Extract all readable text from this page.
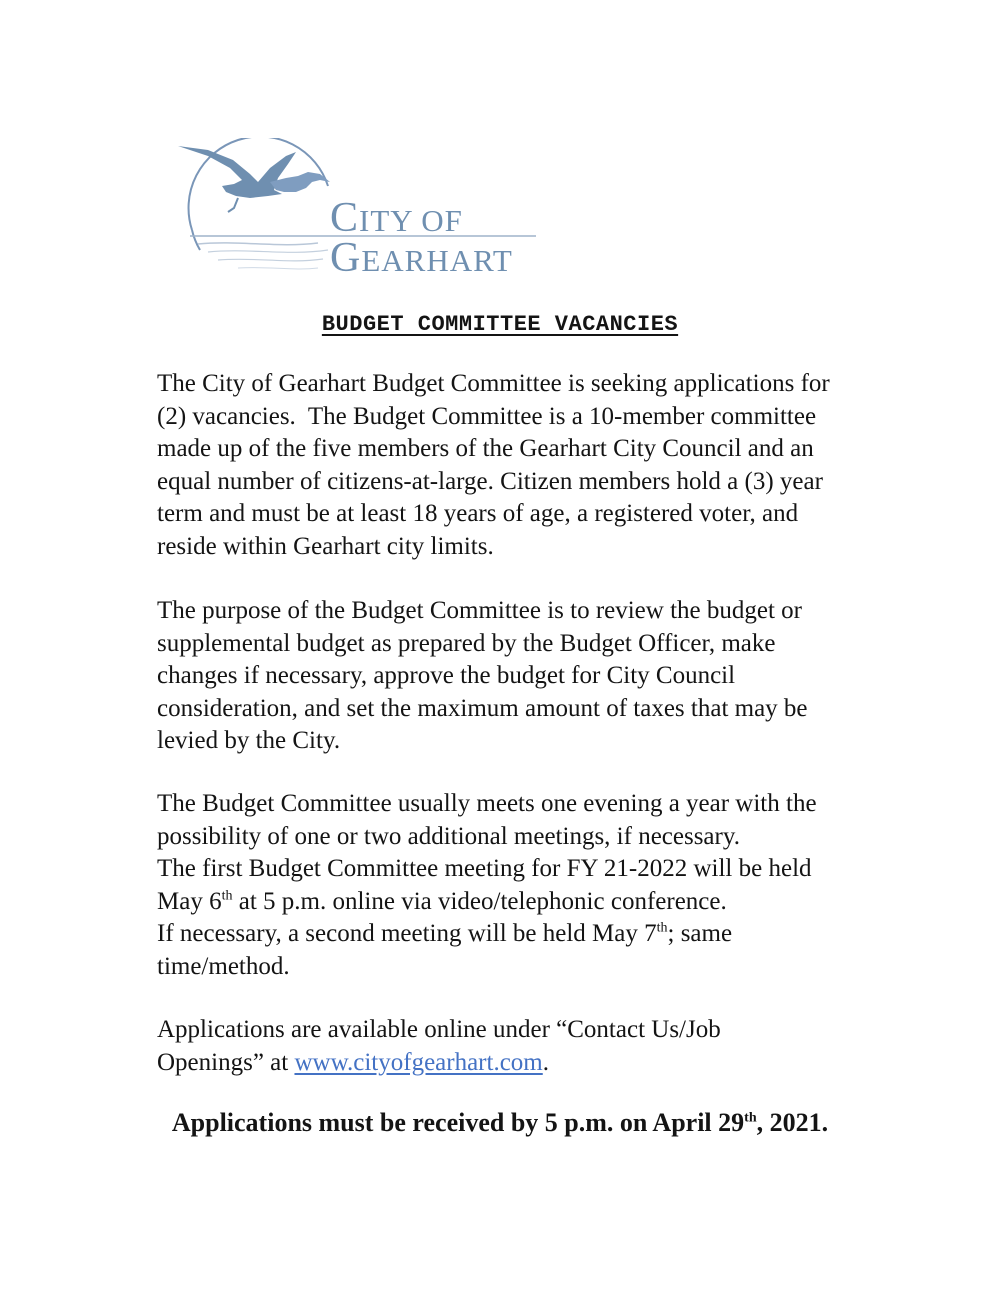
CITY OF
GEARHART
BUDGET COMMITTEE VACANCIES

The City of Gearhart Budget Committee is seeking applications for
(2) vacancies.  The Budget Committee is a 10-member committee
made up of the five members of the Gearhart City Council and an
equal number of citizens-at-large. Citizen members hold a (3) year
term and must be at least 18 years of age, a registered voter, and
reside within Gearhart city limits.

The purpose of the Budget Committee is to review the budget or
supplemental budget as prepared by the Budget Officer, make
changes if necessary, approve the budget for City Council
consideration, and set the maximum amount of taxes that may be
levied by the City.

The Budget Committee usually meets one evening a year with the
possibility of one or two additional meetings, if necessary.
The first Budget Committee meeting for FY 21-2022 will be held
May 6th at 5 p.m. online via video/telephonic conference.
If necessary, a second meeting will be held May 7th; same
time/method.

Applications are available online under “Contact Us/Job
Openings” at www.cityofgearhart.com.

Applications must be received by 5 p.m. on April 29th, 2021.
